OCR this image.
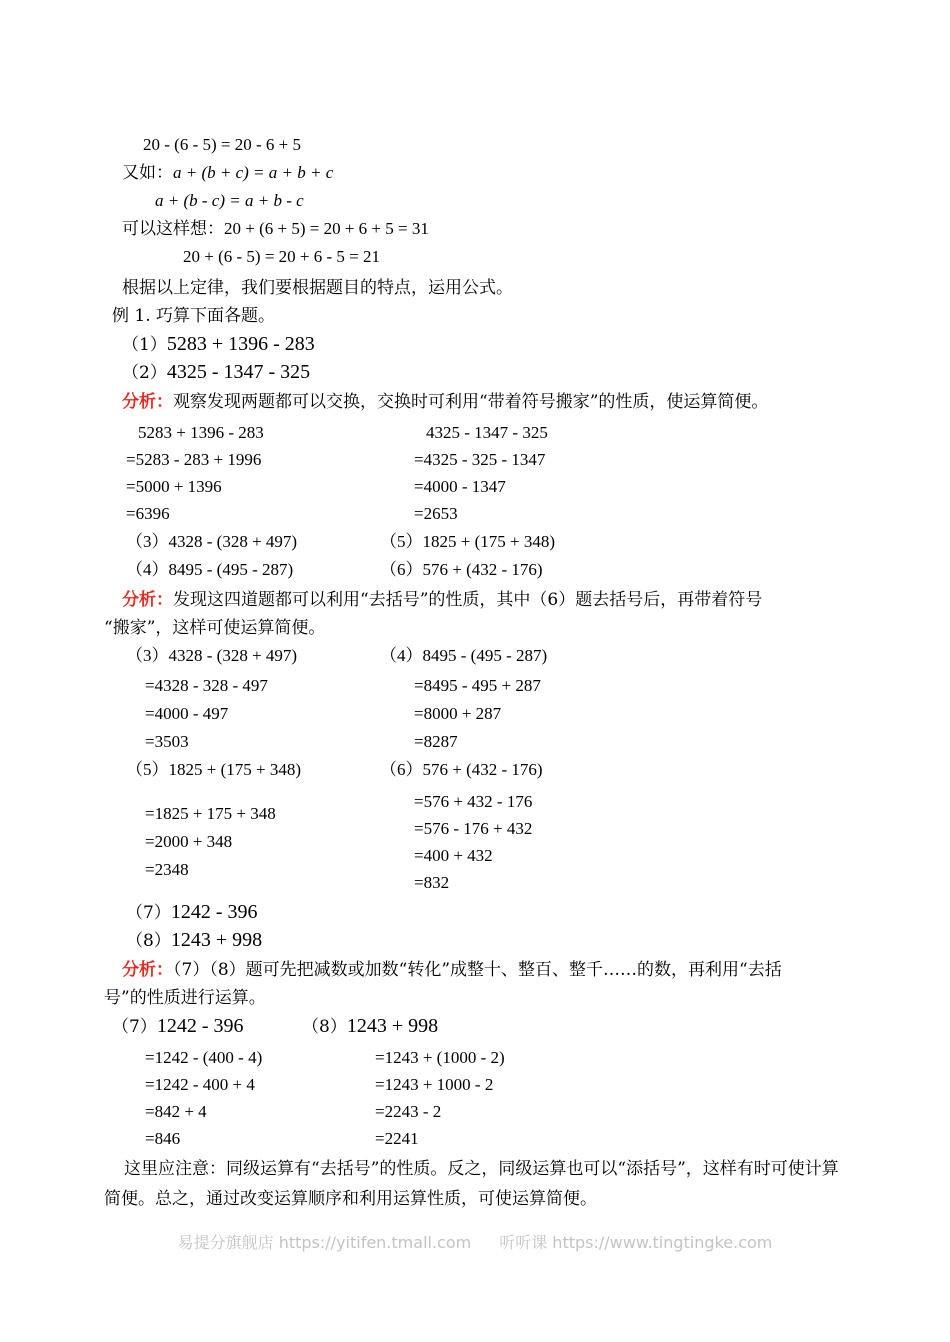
20 - (6 - 5) = 20 - 6 + 5
又如：a + (b + c) = a + b + c
a + (b - c) = a + b - c
可以这样想：20 + (6 + 5) = 20 + 6 + 5 = 31
20 + (6 - 5) = 20 + 6 - 5 = 21
根据以上定律，我们要根据题目的特点，运用公式。
例 1. 巧算下面各题。
（1）5283 + 1396 - 283
（2）4325 - 1347 - 325
分析：观察发现两题都可以交换，交换时可利用“带着符号搬家”的性质，使运算简便。
5283 + 1396 - 283
=5283 - 283 + 1996
=5000 + 1396
=6396
4325 - 1347 - 325
=4325 - 325 - 1347
=4000 - 1347
=2653
（3）4328 - (328 + 497)	（5）1825 + (175 + 348)
（4）8495 - (495 - 287)	（6）576 + (432 - 176)
分析：发现这四道题都可以利用“去括号”的性质，其中（6）题去括号后，再带着符号
“搬家”，这样可使运算简便。
（3）4328 - (328 + 497)
=4328 - 328 - 497
=4000 - 497
=3503
（4）8495 - (495 - 287)
=8495 - 495 + 287
=8000 + 287
=8287
（5）1825 + (175 + 348)
=1825 + 175 + 348
=2000 + 348
=2348
（6）576 + (432 - 176)
=576 + 432 - 176
=576 - 176 + 432
=400 + 432
=832
（7）1242 - 396
（8）1243 + 998
分析：（7）（8）题可先把减数或加数“转化”成整十、整百、整千……的数，再利用“去括
号”的性质进行运算。
（7）1242 - 396
=1242 - (400 - 4)
=1242 - 400 + 4
=842 + 4
=846
（8）1243 + 998
=1243 + (1000 - 2)
=1243 + 1000 - 2
=2243 - 2
=2241
这里应注意：同级运算有“去括号”的性质。反之，同级运算也可以“添括号”，这样有时可使计算简便。总之，通过改变运算顺序和利用运算性质，可使运算简便。
易提分旗舰店 https://yitifen.tmall.com 听听课 https://www.tingtingke.com
